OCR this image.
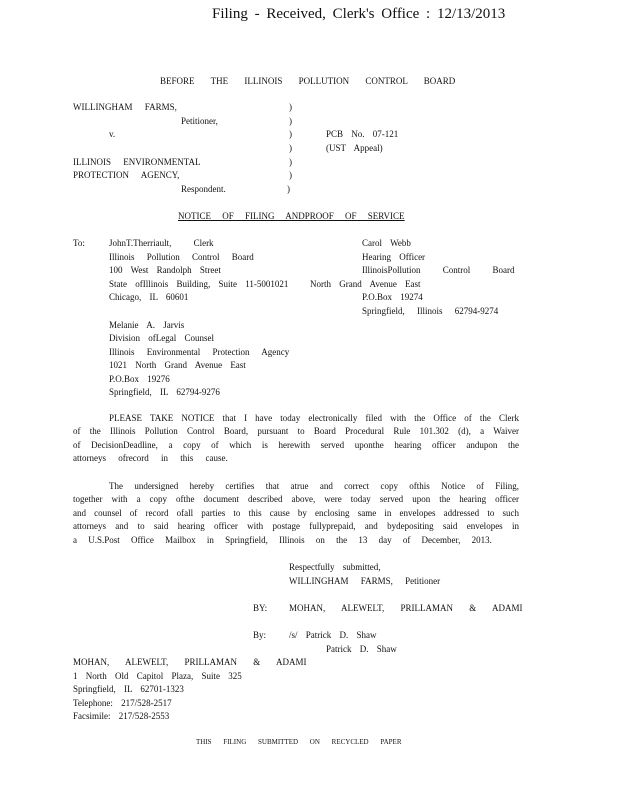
Filing - Received, Clerk's Office : 12/13/2013
BEFORE THE ILLINOIS POLLUTION CONTROL BOARD
WILLINGHAM FARMS,
Petitioner,
v.
ILLINOIS ENVIRONMENTAL
PROTECTION AGENCY,
Respondent.
)
)
)
)
)
)
)
PCB No. 07-121
(UST Appeal)
NOTICE OF FILING ANDPROOF OF SERVICE
To:	JohnT.Therriault, Clerk
Illinois Pollution Control Board
100 West Randolph Street
State ofIllinois Building, Suite 11-5001021 North Grand Avenue East
Chicago, IL 60601
Melanie A. Jarvis
Division ofLegal Counsel
Illinois Environmental Protection Agency
1021 North Grand Avenue East
P.O.Box 19276
Springfield, IL 62794-9276
Carol Webb
Hearing Officer
IllinoisPollution Control Board
P.O.Box 19274
Springfield, Illinois 62794-9274
PLEASE TAKE NOTICE that I have today electronically filed with the Office of the Clerk
of the Illinois Pollution Control Board, pursuant to Board Procedural Rule 101.302 (d), a Waiver
of DecisionDeadline, a copy of which is herewith served uponthe hearing officer andupon the
attorneys ofrecord in this cause.
The undersigned hereby certifies that atrue and correct copy ofthis Notice of Filing,
together with a copy ofthe document described above, were today served upon the hearing officer
and counsel of record ofall parties to this cause by enclosing same in envelopes addressed to such
attorneys and to said hearing officer with postage fullyprepaid, and bydepositing said envelopes in
a U.S.Post Office Mailbox in Springfield, Illinois on the 13 day of December, 2013.
Respectfully submitted,
WILLINGHAM FARMS, Petitioner
BY: MOHAN, ALEWELT, PRILLAMAN & ADAMI
By:	/s/ Patrick D. Shaw
Patrick D. Shaw
MOHAN, ALEWELT, PRILLAMAN & ADAMI
1 North Old Capitol Plaza, Suite 325
Springfield, IL 62701-1323
Telephone: 217/528-2517
Facsimile: 217/528-2553
THIS FILING SUBMITTED ON RECYCLED PAPER
